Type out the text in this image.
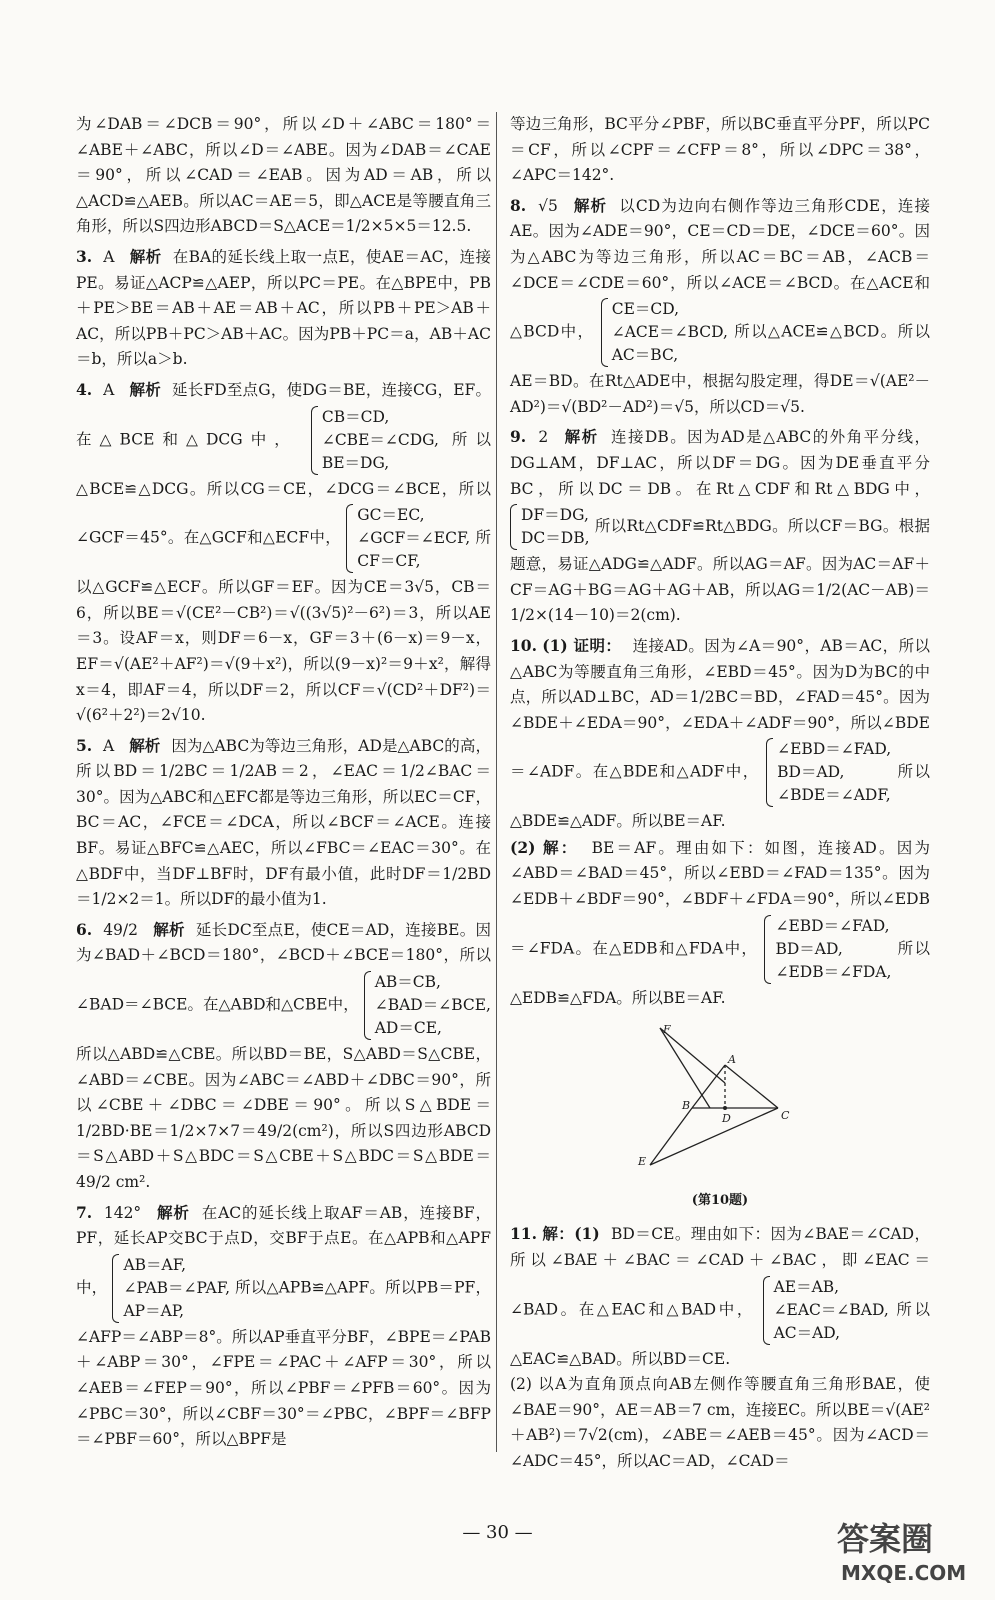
为∠DAB＝∠DCB＝90°，所以∠D＋∠ABC＝180°＝∠ABE＋∠ABC，所以∠D＝∠ABE。因为∠DAB＝∠CAE＝90°，所以∠CAD＝∠EAB。因为AD＝AB，所以△ACD≌△AEB。所以AC＝AE＝5，即△ACE是等腰直角三角形，所以S四边形ABCD＝S△ACE＝1/2×5×5＝12.5.

3. A 解析 在BA的延长线上取一点E，使AE＝AC，连接PE。易证△ACP≌△AEP，所以PC＝PE。在△BPE中，PB＋PE＞BE＝AB＋AE＝AB＋AC，所以PB＋PE＞AB＋AC，所以PB＋PC＞AB＋AC。因为PB＋PC＝a，AB＋AC＝b，所以a＞b.
4. A 解析 延长FD至点G，使DG＝BE，连接CG，EF。在△BCE和△DCG中，
CB＝CD,
∠CBE＝∠CDG,
BE＝DG,
所以△BCE≌△DCG。所以CG＝CE，∠DCG＝∠BCE，所以∠GCF＝45°。在△GCF和△ECF中，
GC＝EC,
∠GCF＝∠ECF,
CF＝CF,
所以△GCF≌△ECF。所以GF＝EF。因为CE＝3√5，CB＝6，所以BE＝√(CE²－CB²)＝√((3√5)²－6²)＝3，所以AE＝3。设AF＝x，则DF＝6－x，GF＝3＋(6－x)＝9－x，EF＝√(AE²＋AF²)＝√(9＋x²)，所以(9－x)²＝9＋x²，解得x＝4，即AF＝4，所以DF＝2，所以CF＝√(CD²＋DF²)＝√(6²＋2²)＝2√10.
5. A 解析 因为△ABC为等边三角形，AD是△ABC的高，所以BD＝1/2BC＝1/2AB＝2，∠EAC＝1/2∠BAC＝30°。因为△ABC和△EFC都是等边三角形，所以EC＝CF，BC＝AC，∠FCE＝∠DCA，所以∠BCF＝∠ACE。连接BF。易证△BFC≌△AEC，所以∠FBC＝∠EAC＝30°。在△BDF中，当DF⊥BF时，DF有最小值，此时DF＝1/2BD＝1/2×2＝1。所以DF的最小值为1.
6. 49/2 解析 延长DC至点E，使CE＝AD，连接BE。因为∠BAD＋∠BCD＝180°，∠BCD＋∠BCE＝180°，所以∠BAD＝∠BCE。在△ABD和△CBE中，
AB＝CB,
∠BAD＝∠BCE,
AD＝CE,
所以△ABD≌△CBE。所以BD＝BE，S△ABD＝S△CBE，∠ABD＝∠CBE。因为∠ABC＝∠ABD＋∠DBC＝90°，所以∠CBE＋∠DBC＝∠DBE＝90°。所以S△BDE＝1/2BD·BE＝1/2×7×7＝49/2(cm²)，所以S四边形ABCD＝S△ABD＋S△BDC＝S△CBE＋S△BDC＝S△BDE＝49/2 cm².
7. 142° 解析 在AC的延长线上取AF＝AB，连接BF，PF，延长AP交BC于点D，交BF于点E。在△APB和△APF中，
AB＝AF,
∠PAB＝∠PAF,
AP＝AP,
所以△APB≌△APF。所以PB＝PF，∠AFP＝∠ABP＝8°。所以AP垂直平分BF，∠BPE＝∠PAB＋∠ABP＝30°，∠FPE＝∠PAC＋∠AFP＝30°，所以∠AEB＝∠FEP＝90°，所以∠PBF＝∠PFB＝60°。因为∠PBC＝30°，所以∠CBF＝30°＝∠PBC，∠BPF＝∠BFP＝∠PBF＝60°，所以△BPF是

等边三角形，BC平分∠PBF，所以BC垂直平分PF，所以PC＝CF，所以∠CPF＝∠CFP＝8°，所以∠DPC＝38°，∠APC＝142°.

8. √5 解析 以CD为边向右侧作等边三角形CDE，连接AE。因为∠ADE＝90°，CE＝CD＝DE，∠DCE＝60°。因为△ABC为等边三角形，所以AC＝BC＝AB，∠ACB＝∠DCE＝∠CDE＝60°，所以∠ACE＝∠BCD。在△ACE和△BCD中，
CE＝CD,
∠ACE＝∠BCD,
AC＝BC,
所以△ACE≌△BCD。所以AE＝BD。在Rt△ADE中，根据勾股定理，得DE＝√(AE²－AD²)＝√(BD²－AD²)＝√5，所以CD＝√5.
9. 2 解析 连接DB。因为AD是△ABC的外角平分线，DG⊥AM，DF⊥AC，所以DF＝DG。因为DE垂直平分BC，所以DC＝DB。在Rt△CDF和Rt△BDG中，
DF＝DG,
DC＝DB,
所以Rt△CDF≌Rt△BDG。所以CF＝BG。根据题意，易证△ADG≌△ADF。所以AG＝AF。因为AC＝AF＋CF＝AG＋BG＝AG＋AG＋AB，所以AG＝1/2(AC－AB)＝1/2×(14－10)＝2(cm).
10. (1) 证明： 连接AD。因为∠A＝90°，AB＝AC，所以△ABC为等腰直角三角形，∠EBD＝45°。因为D为BC的中点，所以AD⊥BC，AD＝1/2BC＝BD，∠FAD＝45°。因为∠BDE＋∠EDA＝90°，∠EDA＋∠ADF＝90°，所以∠BDE＝∠ADF。在△BDE和△ADF中，
∠EBD＝∠FAD,
BD＝AD,
∠BDE＝∠ADF,
所以△BDE≌△ADF。所以BE＝AF.
(2) 解： BE＝AF。理由如下：如图，连接AD。因为∠ABD＝∠BAD＝45°，所以∠EBD＝∠FAD＝135°。因为∠EDB＋∠BDF＝90°，∠BDF＋∠FDA＝90°，所以∠EDB＝∠FDA。在△EDB和△FDA中，
∠EBD＝∠FAD,
BD＝AD,
∠EDB＝∠FDA,
所以△EDB≌△FDA。所以BE＝AF.
F
A
B
D	C
E
(第10题)
11. 解：(1) BD＝CE。理由如下：因为∠BAE＝∠CAD，所以∠BAE＋∠BAC＝∠CAD＋∠BAC，即∠EAC＝∠BAD。在△EAC和△BAD中，
AE＝AB,
∠EAC＝∠BAD,
AC＝AD,
所以△EAC≌△BAD。所以BD＝CE.
(2) 以A为直角顶点向AB左侧作等腰直角三角形BAE，使∠BAE＝90°，AE＝AB＝7 cm，连接EC。所以BE＝√(AE²＋AB²)＝7√2(cm)，∠ABE＝∠AEB＝45°。因为∠ACD＝∠ADC＝45°，所以AC＝AD，∠CAD＝
— 30 —	答案圈
MXQE.COM
